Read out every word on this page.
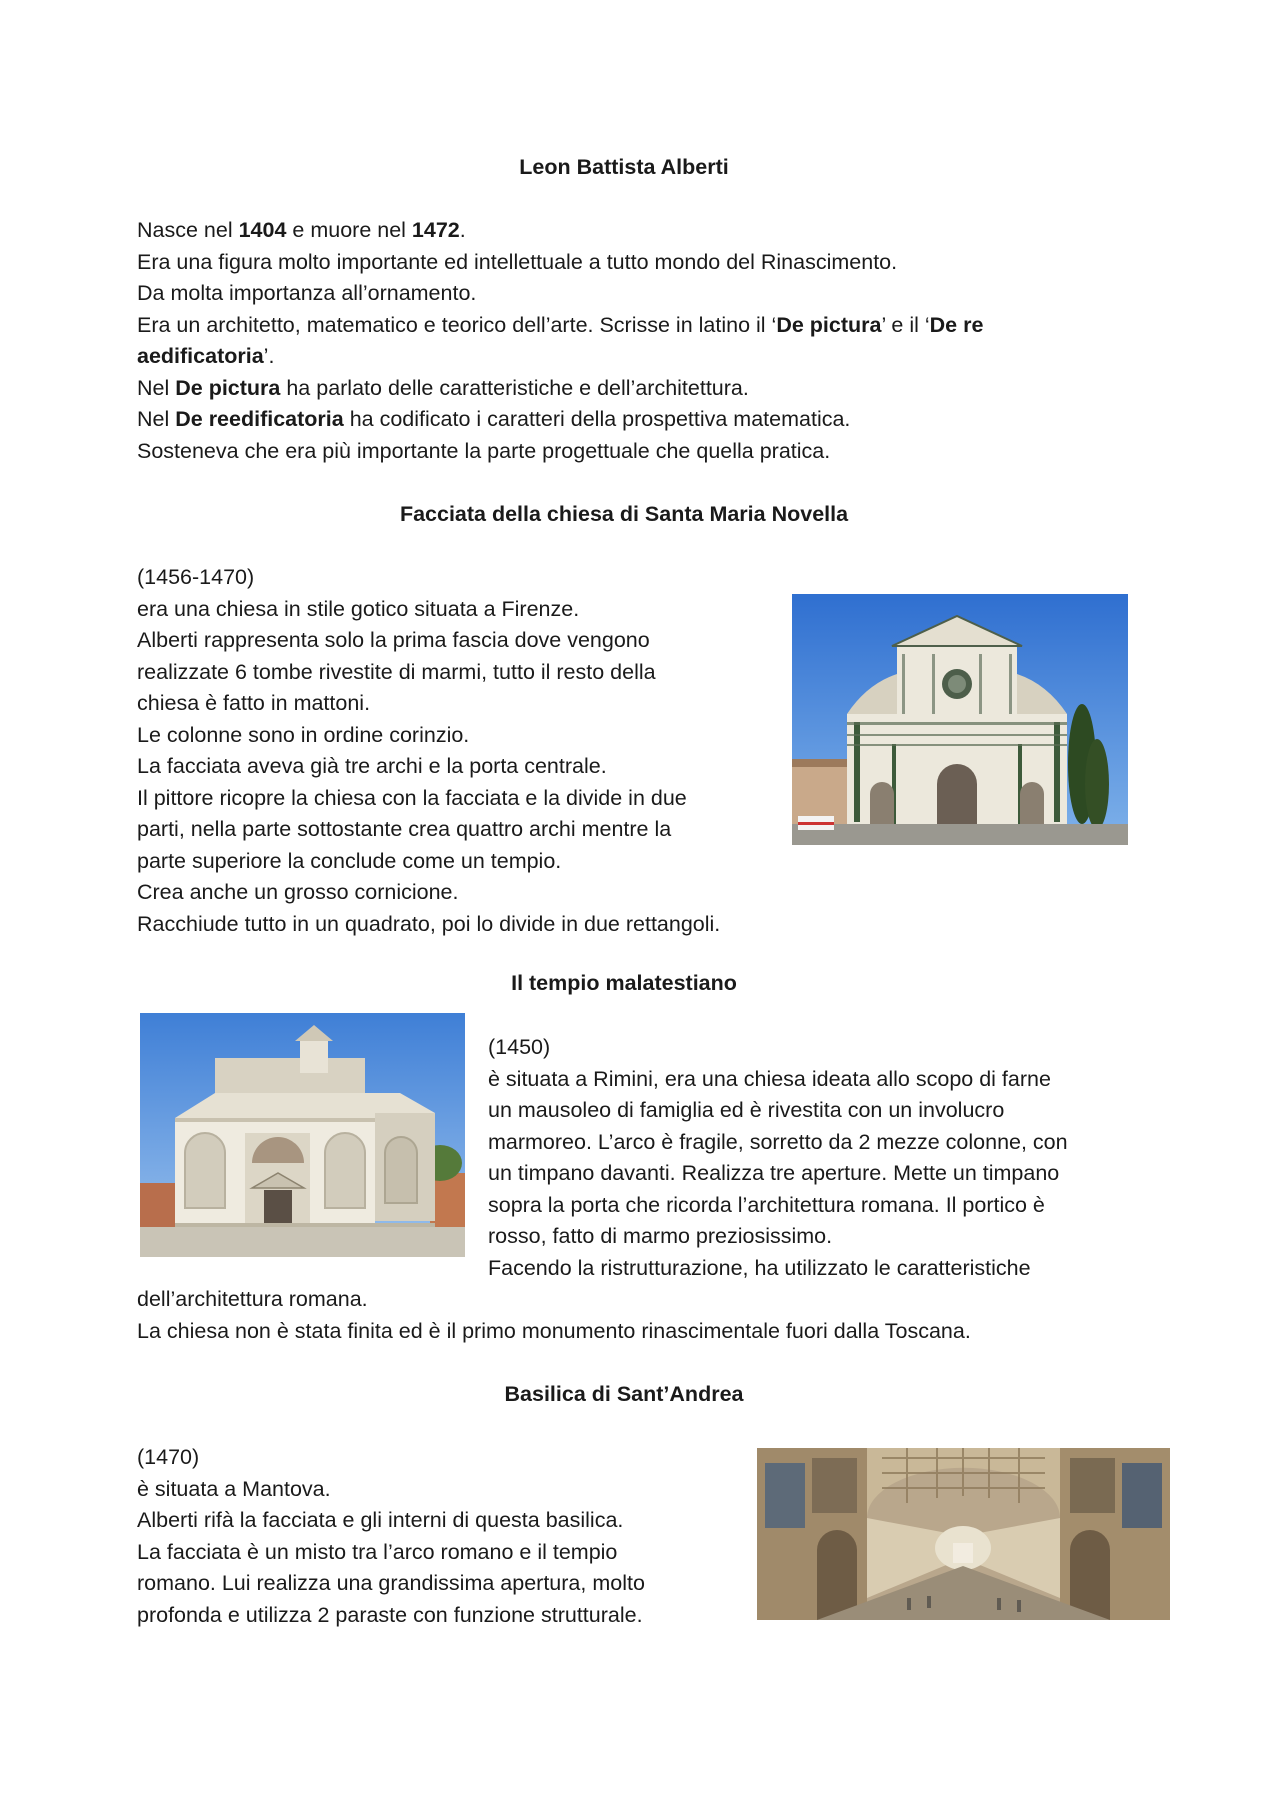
Leon Battista Alberti

Nasce nel 1404 e muore nel 1472.

Era una figura molto importante ed intellettuale a tutto mondo del Rinascimento.

Da molta importanza all’ornamento.

Era un architetto, matematico e teorico dell’arte. Scrisse in latino il ‘De pictura’ e il ‘De re

aedificatoria’.

Nel De pictura ha parlato delle caratteristiche e dell’architettura.

Nel De reedificatoria ha codificato i caratteri della prospettiva matematica.

Sosteneva che era più importante la parte progettuale che quella pratica.

Facciata della chiesa di Santa Maria Novella

(1456-1470)

era una chiesa in stile gotico situata a Firenze.

Alberti rappresenta solo la prima fascia dove vengono

realizzate 6 tombe rivestite di marmi, tutto il resto della

chiesa è fatto in mattoni.

Le colonne sono in ordine corinzio.

La facciata aveva già tre archi e la porta centrale.

Il pittore ricopre la chiesa con la facciata e la divide in due

parti, nella parte sottostante crea quattro archi mentre la

parte superiore la conclude come un tempio.

Crea anche un grosso cornicione.

Racchiude tutto in un quadrato, poi lo divide in due rettangoli.

Il tempio malatestiano

(1450)

è situata a Rimini, era una chiesa ideata allo scopo di farne

un mausoleo di famiglia ed è rivestita con un involucro

marmoreo. L’arco è fragile, sorretto da 2 mezze colonne, con

un timpano davanti. Realizza tre aperture. Mette un timpano

sopra la porta che ricorda l’architettura romana. Il portico è

rosso, fatto di marmo preziosissimo.

Facendo la ristrutturazione, ha utilizzato le caratteristiche

dell’architettura romana.

La chiesa non è stata finita ed è il primo monumento rinascimentale fuori dalla Toscana.

Basilica di Sant’Andrea

(1470)

è situata a Mantova.

Alberti rifà la facciata e gli interni di questa basilica.

La facciata è un misto tra l’arco romano e il tempio

romano. Lui realizza una grandissima apertura, molto

profonda e utilizza 2 paraste con funzione strutturale.
